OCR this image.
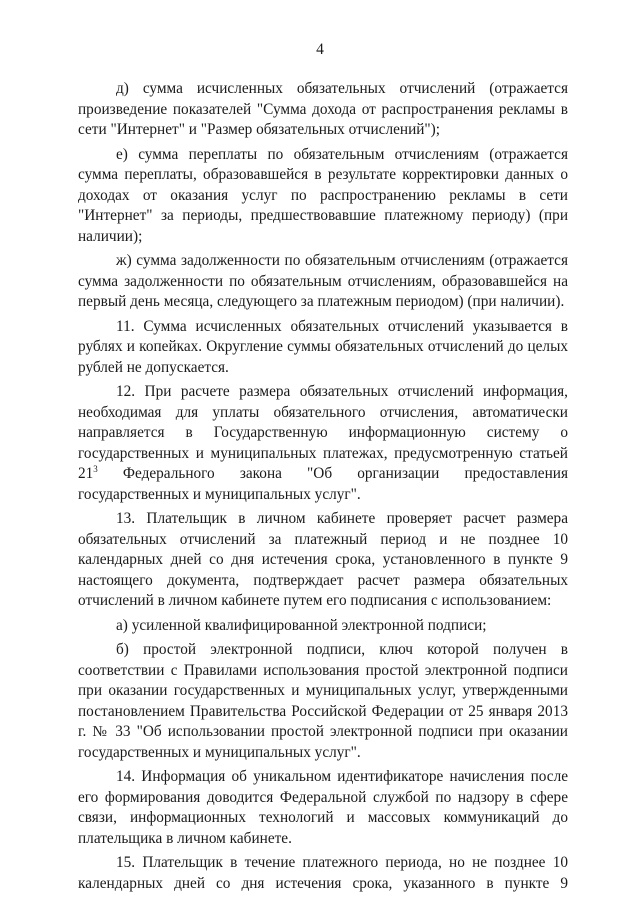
4

д) сумма исчисленных обязательных отчислений (отражается произведение показателей "Сумма дохода от распространения рекламы в сети "Интернет" и "Размер обязательных отчислений");

е) сумма переплаты по обязательным отчислениям (отражается сумма переплаты, образовавшейся в результате корректировки данных о доходах от оказания услуг по распространению рекламы в сети "Интернет" за периоды, предшествовавшие платежному периоду) (при наличии);

ж) сумма задолженности по обязательным отчислениям (отражается сумма задолженности по обязательным отчислениям, образовавшейся на первый день месяца, следующего за платежным периодом) (при наличии).

11. Сумма исчисленных обязательных отчислений указывается в рублях и копейках. Округление суммы обязательных отчислений до целых рублей не допускается.

12. При расчете размера обязательных отчислений информация, необходимая для уплаты обязательного отчисления, автоматически направляется в Государственную информационную систему о государственных и муниципальных платежах, предусмотренную статьей $21^3$ Федерального закона "Об организации предоставления государственных и муниципальных услуг".

13. Плательщик в личном кабинете проверяет расчет размера обязательных отчислений за платежный период и не позднее 10 календарных дней со дня истечения срока, установленного в пункте 9 настоящего документа, подтверждает расчет размера обязательных отчислений в личном кабинете путем его подписания с использованием:

а) усиленной квалифицированной электронной подписи;

б) простой электронной подписи, ключ которой получен в соответствии с Правилами использования простой электронной подписи при оказании государственных и муниципальных услуг, утвержденными постановлением Правительства Российской Федерации от 25 января 2013 г. № 33 "Об использовании простой электронной подписи при оказании государственных и муниципальных услуг".

14. Информация об уникальном идентификаторе начисления после его формирования доводится Федеральной службой по надзору в сфере связи, информационных технологий и массовых коммуникаций до плательщика в личном кабинете.

15. Плательщик в течение платежного периода, но не позднее 10 календарных дней со дня истечения срока, указанного в пункте 9
